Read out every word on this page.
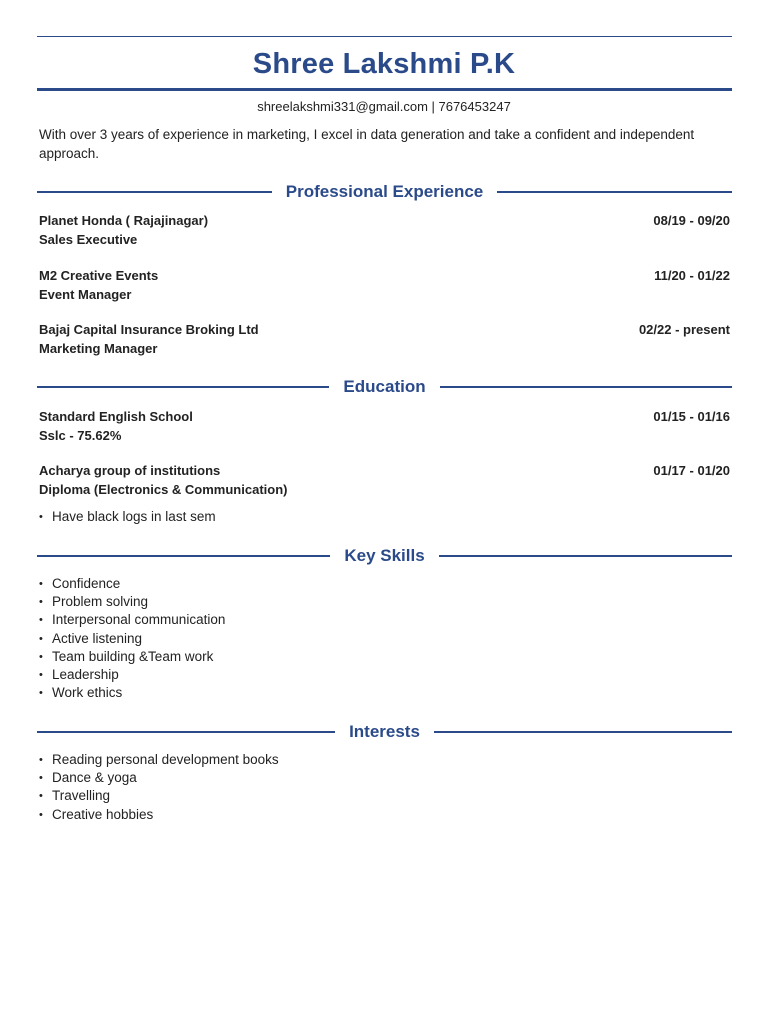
Shree Lakshmi P.K
shreelakshmi331@gmail.com | 7676453247
With over 3 years of experience in marketing, I excel in data generation and take a confident and independent approach.
Professional Experience
Planet Honda ( Rajajinagar)	08/19 - 09/20
Sales Executive
M2 Creative Events	11/20 - 01/22
Event Manager
Bajaj Capital Insurance Broking Ltd	02/22 - present
Marketing Manager
Education
Standard English School	01/15 - 01/16
Sslc - 75.62%
Acharya group of institutions	01/17 - 01/20
Diploma (Electronics & Communication)
• Have black logs in last sem
Key Skills
• Confidence
• Problem solving
• Interpersonal communication
• Active listening
• Team building &Team work
• Leadership
• Work ethics
Interests
• Reading personal development books
• Dance & yoga
• Travelling
• Creative hobbies
